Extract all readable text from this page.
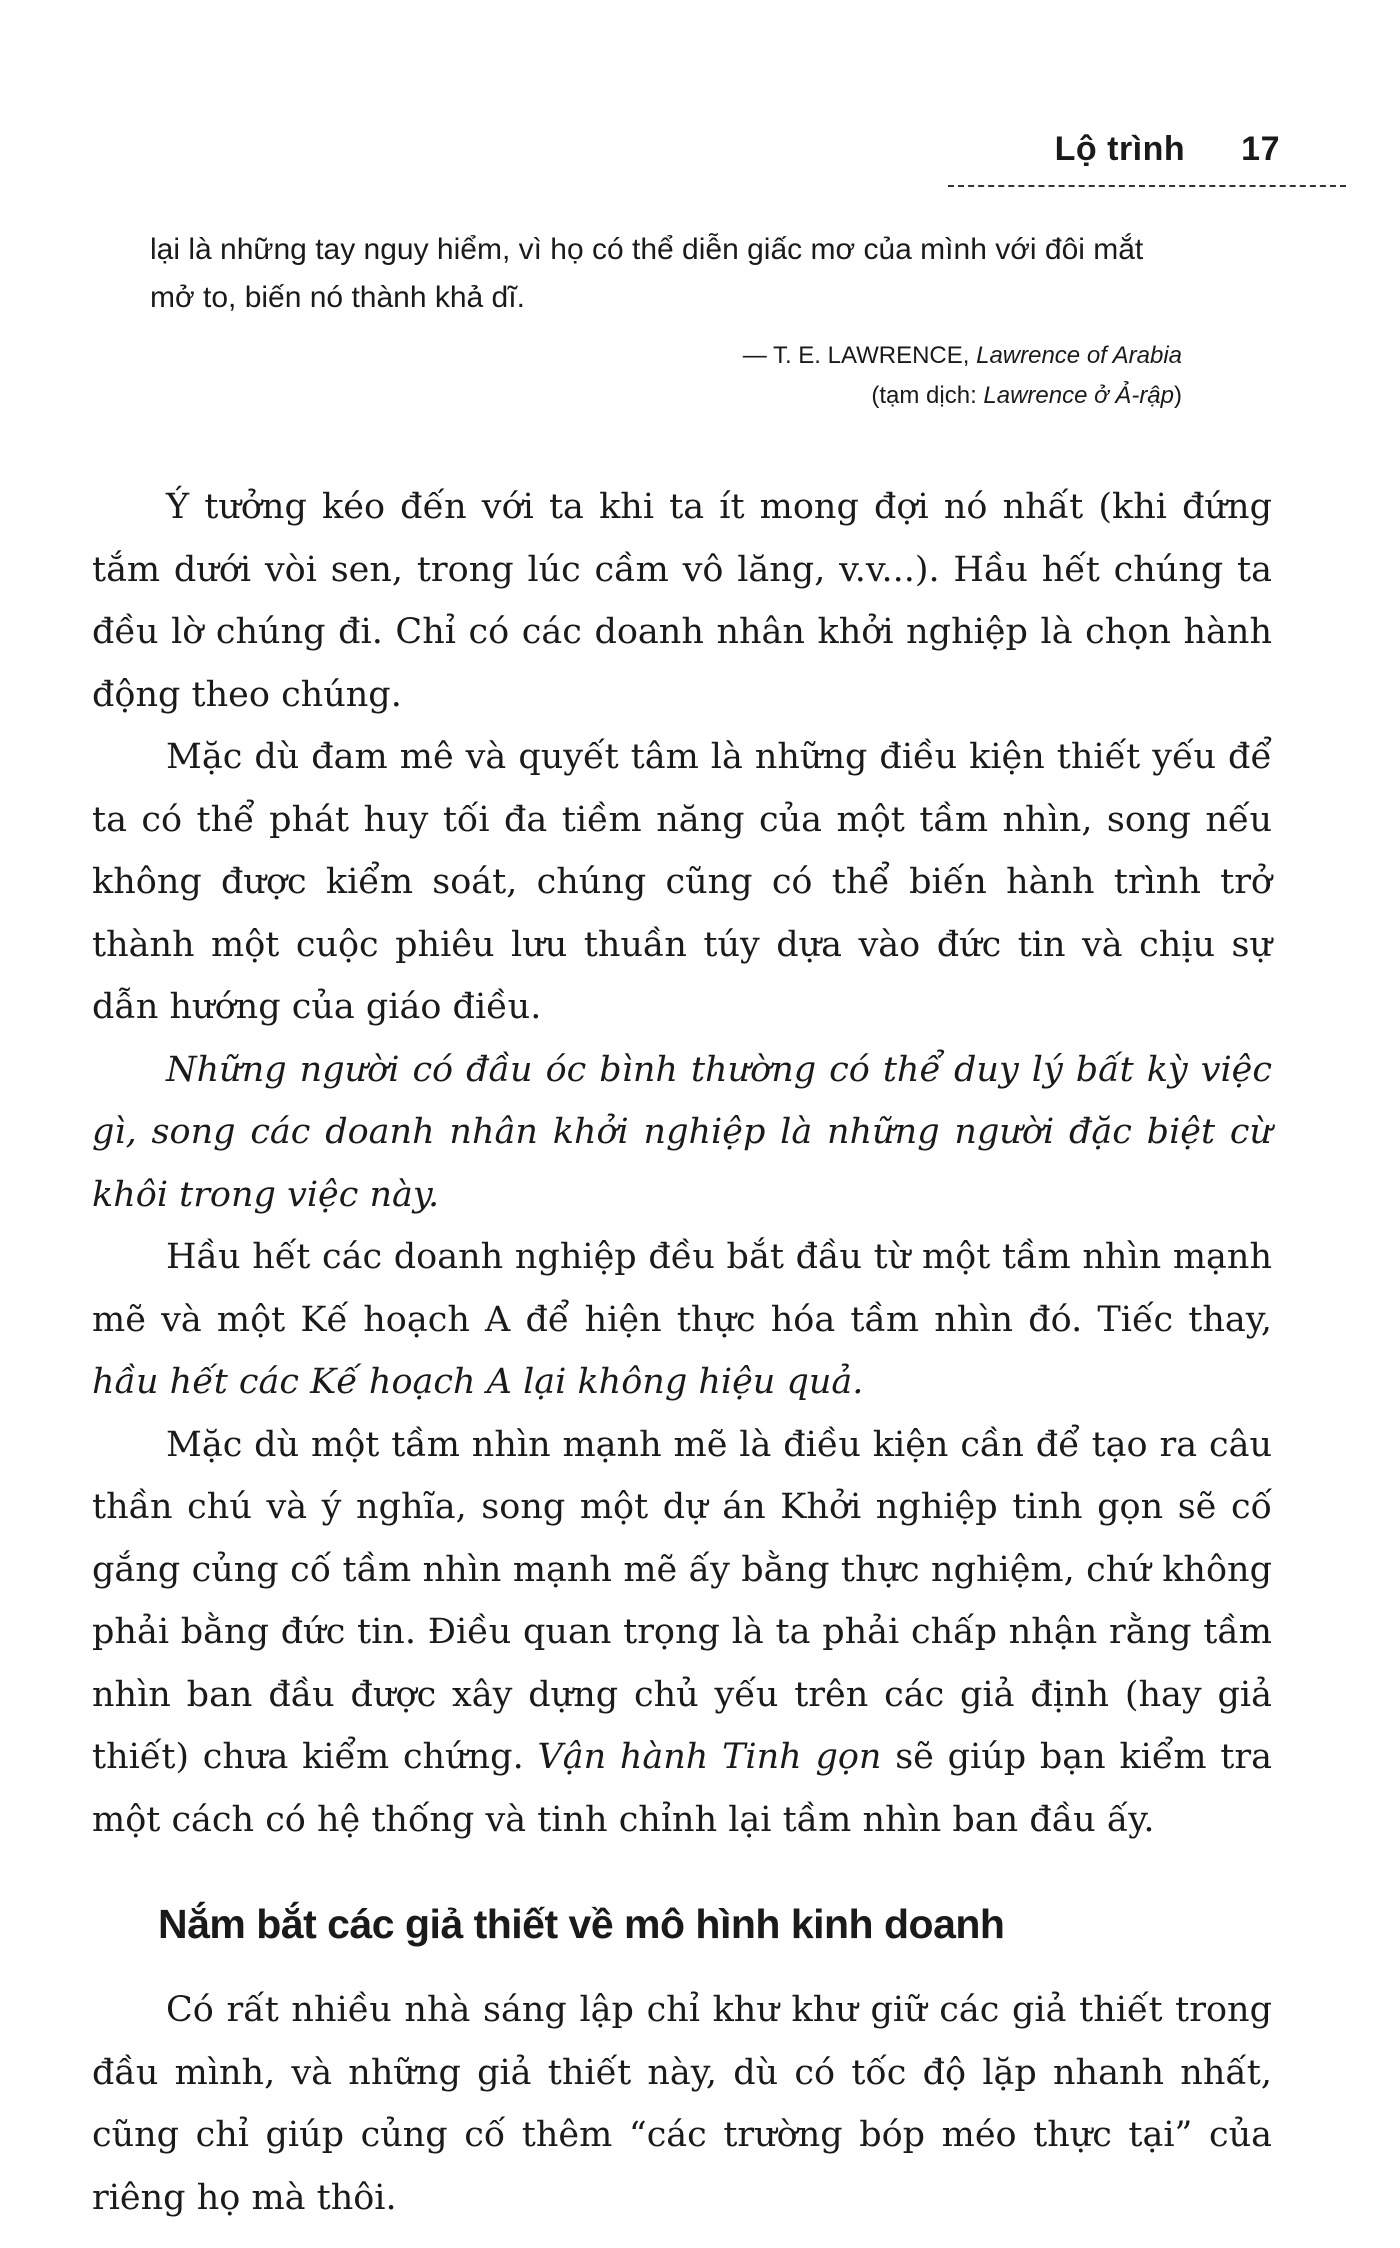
Lộ trình 17
lại là những tay nguy hiểm, vì họ có thể diễn giấc mơ của mình với đôi mắt mở to, biến nó thành khả dĩ.
— T. E. LAWRENCE, Lawrence of Arabia
(tạm dịch: Lawrence ở Ả-rập)

Ý tưởng kéo đến với ta khi ta ít mong đợi nó nhất (khi đứng tắm dưới vòi sen, trong lúc cầm vô lăng, v.v...). Hầu hết chúng ta đều lờ chúng đi. Chỉ có các doanh nhân khởi nghiệp là chọn hành động theo chúng.

Mặc dù đam mê và quyết tâm là những điều kiện thiết yếu để ta có thể phát huy tối đa tiềm năng của một tầm nhìn, song nếu không được kiểm soát, chúng cũng có thể biến hành trình trở thành một cuộc phiêu lưu thuần túy dựa vào đức tin và chịu sự dẫn hướng của giáo điều.

Những người có đầu óc bình thường có thể duy lý bất kỳ việc gì, song các doanh nhân khởi nghiệp là những người đặc biệt cừ khôi trong việc này.

Hầu hết các doanh nghiệp đều bắt đầu từ một tầm nhìn mạnh mẽ và một Kế hoạch A để hiện thực hóa tầm nhìn đó. Tiếc thay, hầu hết các Kế hoạch A lại không hiệu quả.

Mặc dù một tầm nhìn mạnh mẽ là điều kiện cần để tạo ra câu thần chú và ý nghĩa, song một dự án Khởi nghiệp tinh gọn sẽ cố gắng củng cố tầm nhìn mạnh mẽ ấy bằng thực nghiệm, chứ không phải bằng đức tin. Điều quan trọng là ta phải chấp nhận rằng tầm nhìn ban đầu được xây dựng chủ yếu trên các giả định (hay giả thiết) chưa kiểm chứng. Vận hành Tinh gọn sẽ giúp bạn kiểm tra một cách có hệ thống và tinh chỉnh lại tầm nhìn ban đầu ấy.

Nắm bắt các giả thiết về mô hình kinh doanh

Có rất nhiều nhà sáng lập chỉ khư khư giữ các giả thiết trong đầu mình, và những giả thiết này, dù có tốc độ lặp nhanh nhất, cũng chỉ giúp củng cố thêm “các trường bóp méo thực tại” của riêng họ mà thôi.
